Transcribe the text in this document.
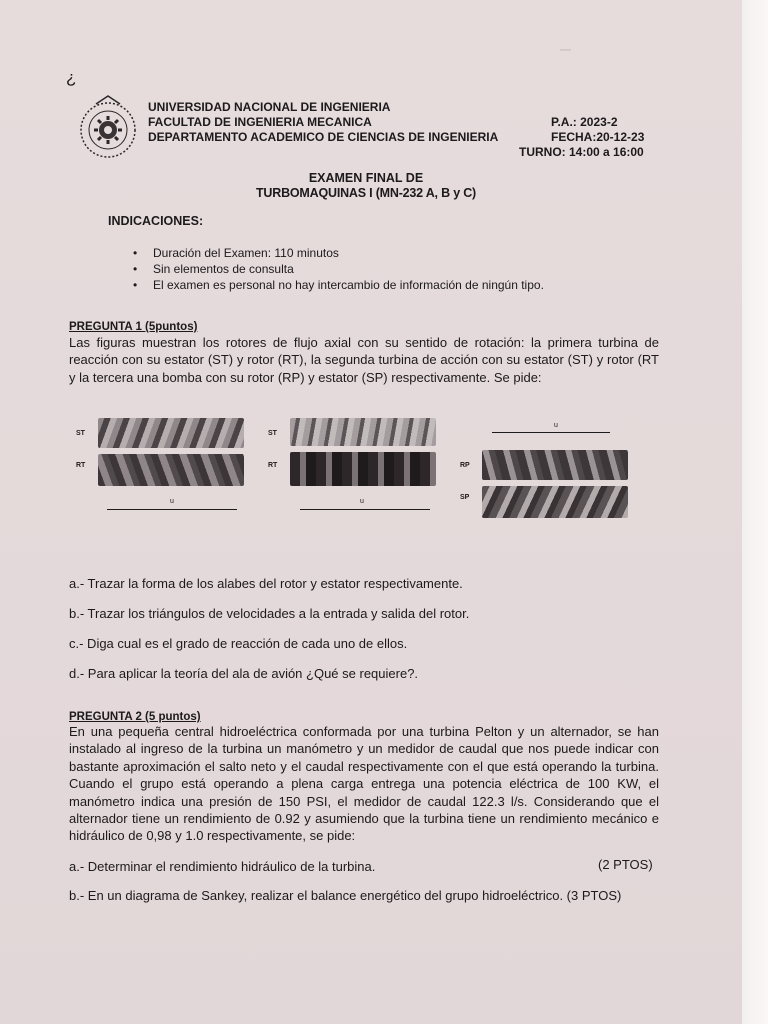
—
¿
UNIVERSIDAD NACIONAL DE INGENIERIA
FACULTAD DE INGENIERIA MECANICA
DEPARTAMENTO ACADEMICO DE CIENCIAS DE INGENIERIA
P.A.: 2023-2
FECHA:20-12-23
TURNO: 14:00 a 16:00
EXAMEN FINAL DE
TURBOMAQUINAS I (MN-232 A, B y C)
INDICACIONES:
• Duración del Examen: 110 minutos
• Sin elementos de consulta
• El examen es personal no hay intercambio de información de ningún tipo.
PREGUNTA 1 (5puntos)
Las figuras muestran los rotores de flujo axial con su sentido de rotación: la primera turbina de reacción con su estator (ST) y rotor (RT), la segunda turbina de acción con su estator (ST) y rotor (RT y la tercera una bomba con su rotor (RP) y estator (SP) respectivamente. Se pide:
ST
RT
u
ST
RT
u
u
RP
SP
a.- Trazar la forma de los alabes del rotor y estator respectivamente.
b.- Trazar los triángulos de velocidades a la entrada y salida del rotor.
c.- Diga cual es el grado de reacción de cada uno de ellos.
d.- Para aplicar la teoría del ala de avión ¿Qué se requiere?.
PREGUNTA 2 (5 puntos)
En una pequeña central hidroeléctrica conformada por una turbina Pelton y un alternador, se han instalado al ingreso de la turbina un manómetro y un medidor de caudal que nos puede indicar con bastante aproximación el salto neto y el caudal respectivamente con el que está operando la turbina. Cuando el grupo está operando a plena carga entrega una potencia eléctrica de 100 KW, el manómetro indica una presión de 150 PSI, el medidor de caudal 122.3 l/s. Considerando que el alternador tiene un rendimiento de 0.92 y asumiendo que la turbina tiene un rendimiento mecánico e hidráulico de 0,98 y 1.0 respectivamente, se pide:
a.- Determinar el rendimiento hidráulico de la turbina.	(2 PTOS)
b.- En un diagrama de Sankey, realizar el balance energético del grupo hidroeléctrico. (3 PTOS)
